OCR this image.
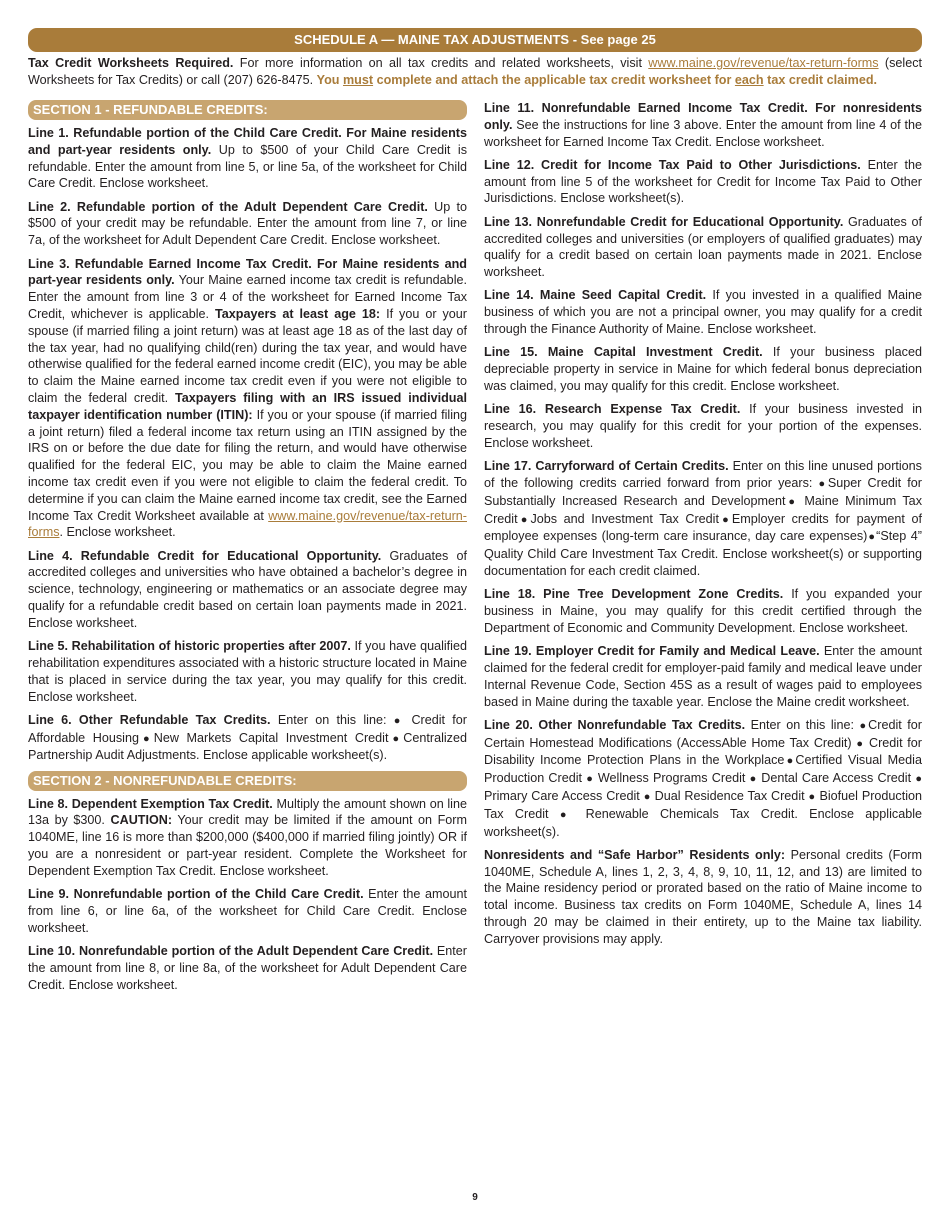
SCHEDULE A — MAINE TAX ADJUSTMENTS - See page 25
Tax Credit Worksheets Required. For more information on all tax credits and related worksheets, visit www.maine.gov/revenue/tax-return-forms (select Worksheets for Tax Credits) or call (207) 626-8475. You must complete and attach the applicable tax credit worksheet for each tax credit claimed.
SECTION 1 - REFUNDABLE CREDITS:

Line 1. Refundable portion of the Child Care Credit. For Maine residents and part-year residents only. Up to $500 of your Child Care Credit is refundable. Enter the amount from line 5, or line 5a, of the worksheet for Child Care Credit. Enclose worksheet.

Line 2. Refundable portion of the Adult Dependent Care Credit. Up to $500 of your credit may be refundable. Enter the amount from line 7, or line 7a, of the worksheet for Adult Dependent Care Credit. Enclose worksheet.

Line 3. Refundable Earned Income Tax Credit. For Maine residents and part-year residents only. Your Maine earned income tax credit is refundable. Enter the amount from line 3 or 4 of the worksheet for Earned Income Tax Credit, whichever is applicable. Taxpayers at least age 18: If you or your spouse (if married filing a joint return) was at least age 18 as of the last day of the tax year, had no qualifying child(ren) during the tax year, and would have otherwise qualified for the federal earned income credit (EIC), you may be able to claim the Maine earned income tax credit even if you were not eligible to claim the federal credit. Taxpayers filing with an IRS issued individual taxpayer identification number (ITIN): If you or your spouse (if married filing a joint return) filed a federal income tax return using an ITIN assigned by the IRS on or before the due date for filing the return, and would have otherwise qualified for the federal EIC, you may be able to claim the Maine earned income tax credit even if you were not eligible to claim the federal credit. To determine if you can claim the Maine earned income tax credit, see the Earned Income Tax Credit Worksheet available at www.maine.gov/revenue/tax-return-forms. Enclose worksheet.

Line 4. Refundable Credit for Educational Opportunity. Graduates of accredited colleges and universities who have obtained a bachelor’s degree in science, technology, engineering or mathematics or an associate degree may qualify for a refundable credit based on certain loan payments made in 2021. Enclose worksheet.

Line 5. Rehabilitation of historic properties after 2007. If you have qualified rehabilitation expenditures associated with a historic structure located in Maine that is placed in service during the tax year, you may qualify for this credit. Enclose worksheet.

Line 6. Other Refundable Tax Credits. Enter on this line: ● Credit for Affordable Housing●New Markets Capital Investment Credit●Centralized Partnership Audit Adjustments. Enclose applicable worksheet(s).

SECTION 2 - NONREFUNDABLE CREDITS:

Line 8. Dependent Exemption Tax Credit. Multiply the amount shown on line 13a by $300. CAUTION: Your credit may be limited if the amount on Form 1040ME, line 16 is more than $200,000 ($400,000 if married filing jointly) OR if you are a nonresident or part-year resident. Complete the Worksheet for Dependent Exemption Tax Credit. Enclose worksheet.

Line 9. Nonrefundable portion of the Child Care Credit. Enter the amount from line 6, or line 6a, of the worksheet for Child Care Credit. Enclose worksheet.

Line 10. Nonrefundable portion of the Adult Dependent Care Credit. Enter the amount from line 8, or line 8a, of the worksheet for Adult Dependent Care Credit. Enclose worksheet.

Line 11. Nonrefundable Earned Income Tax Credit. For nonresidents only. See the instructions for line 3 above. Enter the amount from line 4 of the worksheet for Earned Income Tax Credit. Enclose worksheet.

Line 12. Credit for Income Tax Paid to Other Jurisdictions. Enter the amount from line 5 of the worksheet for Credit for Income Tax Paid to Other Jurisdictions. Enclose worksheet(s).

Line 13. Nonrefundable Credit for Educational Opportunity. Graduates of accredited colleges and universities (or employers of qualified graduates) may qualify for a credit based on certain loan payments made in 2021. Enclose worksheet.

Line 14. Maine Seed Capital Credit. If you invested in a qualified Maine business of which you are not a principal owner, you may qualify for a credit through the Finance Authority of Maine. Enclose worksheet.

Line 15. Maine Capital Investment Credit. If your business placed depreciable property in service in Maine for which federal bonus depreciation was claimed, you may qualify for this credit. Enclose worksheet.

Line 16. Research Expense Tax Credit. If your business invested in research, you may qualify for this credit for your portion of the expenses. Enclose worksheet.

Line 17. Carryforward of Certain Credits. Enter on this line unused portions of the following credits carried forward from prior years: ●Super Credit for Substantially Increased Research and Development● Maine Minimum Tax Credit●Jobs and Investment Tax Credit●Employer credits for payment of employee expenses (long-term care insurance, day care expenses)●“Step 4” Quality Child Care Investment Tax Credit. Enclose worksheet(s) or supporting documentation for each credit claimed.

Line 18. Pine Tree Development Zone Credits. If you expanded your business in Maine, you may qualify for this credit certified through the Department of Economic and Community Development. Enclose worksheet.

Line 19. Employer Credit for Family and Medical Leave. Enter the amount claimed for the federal credit for employer-paid family and medical leave under Internal Revenue Code, Section 45S as a result of wages paid to employees based in Maine during the taxable year. Enclose the Maine credit worksheet.

Line 20. Other Nonrefundable Tax Credits. Enter on this line: ●Credit for Certain Homestead Modifications (AccessAble Home Tax Credit) ● Credit for Disability Income Protection Plans in the Workplace●Certified Visual Media Production Credit ● Wellness Programs Credit ● Dental Care Access Credit ● Primary Care Access Credit ● Dual Residence Tax Credit ● Biofuel Production Tax Credit ● Renewable Chemicals Tax Credit. Enclose applicable worksheet(s).

Nonresidents and “Safe Harbor” Residents only: Personal credits (Form 1040ME, Schedule A, lines 1, 2, 3, 4, 8, 9, 10, 11, 12, and 13) are limited to the Maine residency period or prorated based on the ratio of Maine income to total income. Business tax credits on Form 1040ME, Schedule A, lines 14 through 20 may be claimed in their entirety, up to the Maine tax liability. Carryover provisions may apply.

9
